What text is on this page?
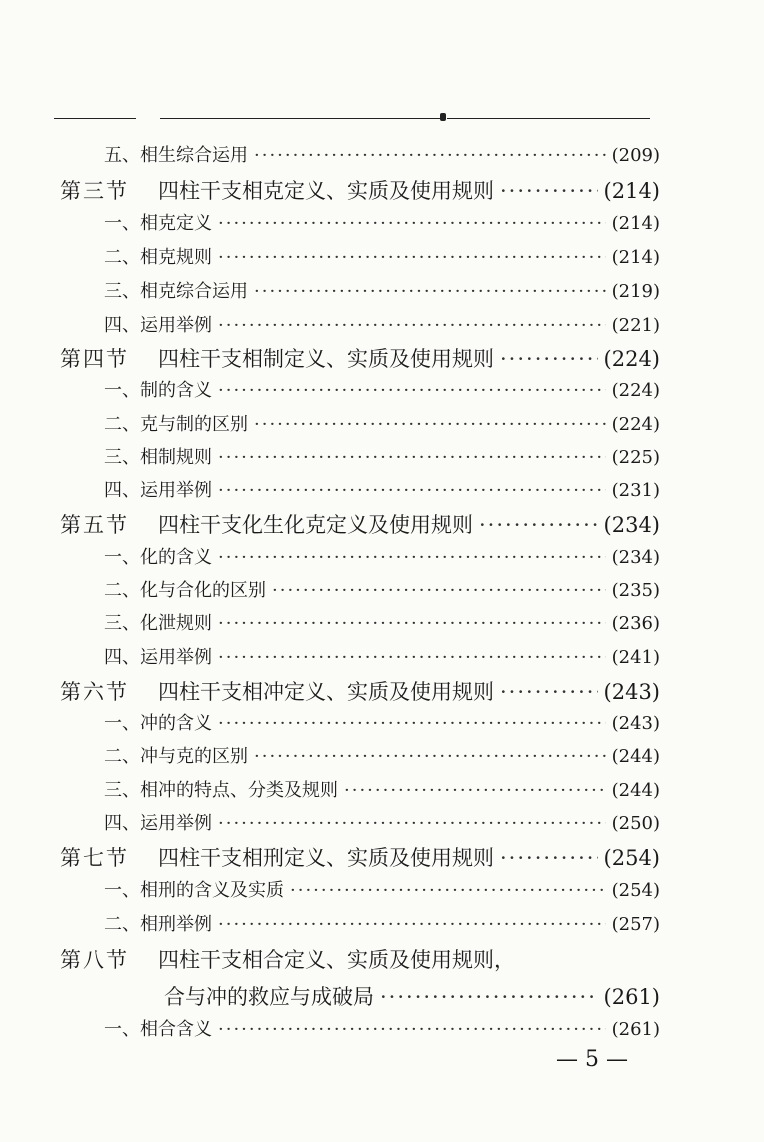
五、相生综合运用 ·····	(209)
第三节 四柱干支相克定义、实质及使用规则 ·····	(214)
一、相克定义 ·····	(214)
二、相克规则 ·····	(214)
三、相克综合运用 ·····	(219)
四、运用举例 ·····	(221)
第四节 四柱干支相制定义、实质及使用规则 ·····	(224)
一、制的含义 ·····	(224)
二、克与制的区别 ·····	(224)
三、相制规则 ·····	(225)
四、运用举例 ·····	(231)
第五节 四柱干支化生化克定义及使用规则 ·····	(234)
一、化的含义 ·····	(234)
二、化与合化的区别 ·····	(235)
三、化泄规则 ·····	(236)
四、运用举例 ·····	(241)
第六节 四柱干支相冲定义、实质及使用规则 ·····	(243)
一、冲的含义 ·····	(243)
二、冲与克的区别 ·····	(244)
三、相冲的特点、分类及规则 ·····	(244)
四、运用举例 ·····	(250)
第七节 四柱干支相刑定义、实质及使用规则 ·····	(254)
一、相刑的含义及实质 ·····	(254)
二、相刑举例 ·····	(257)
第八节 四柱干支相合定义、实质及使用规则，
合与冲的救应与成破局 ·····	(261)
一、相合含义 ·····	(261)
— 5 —
